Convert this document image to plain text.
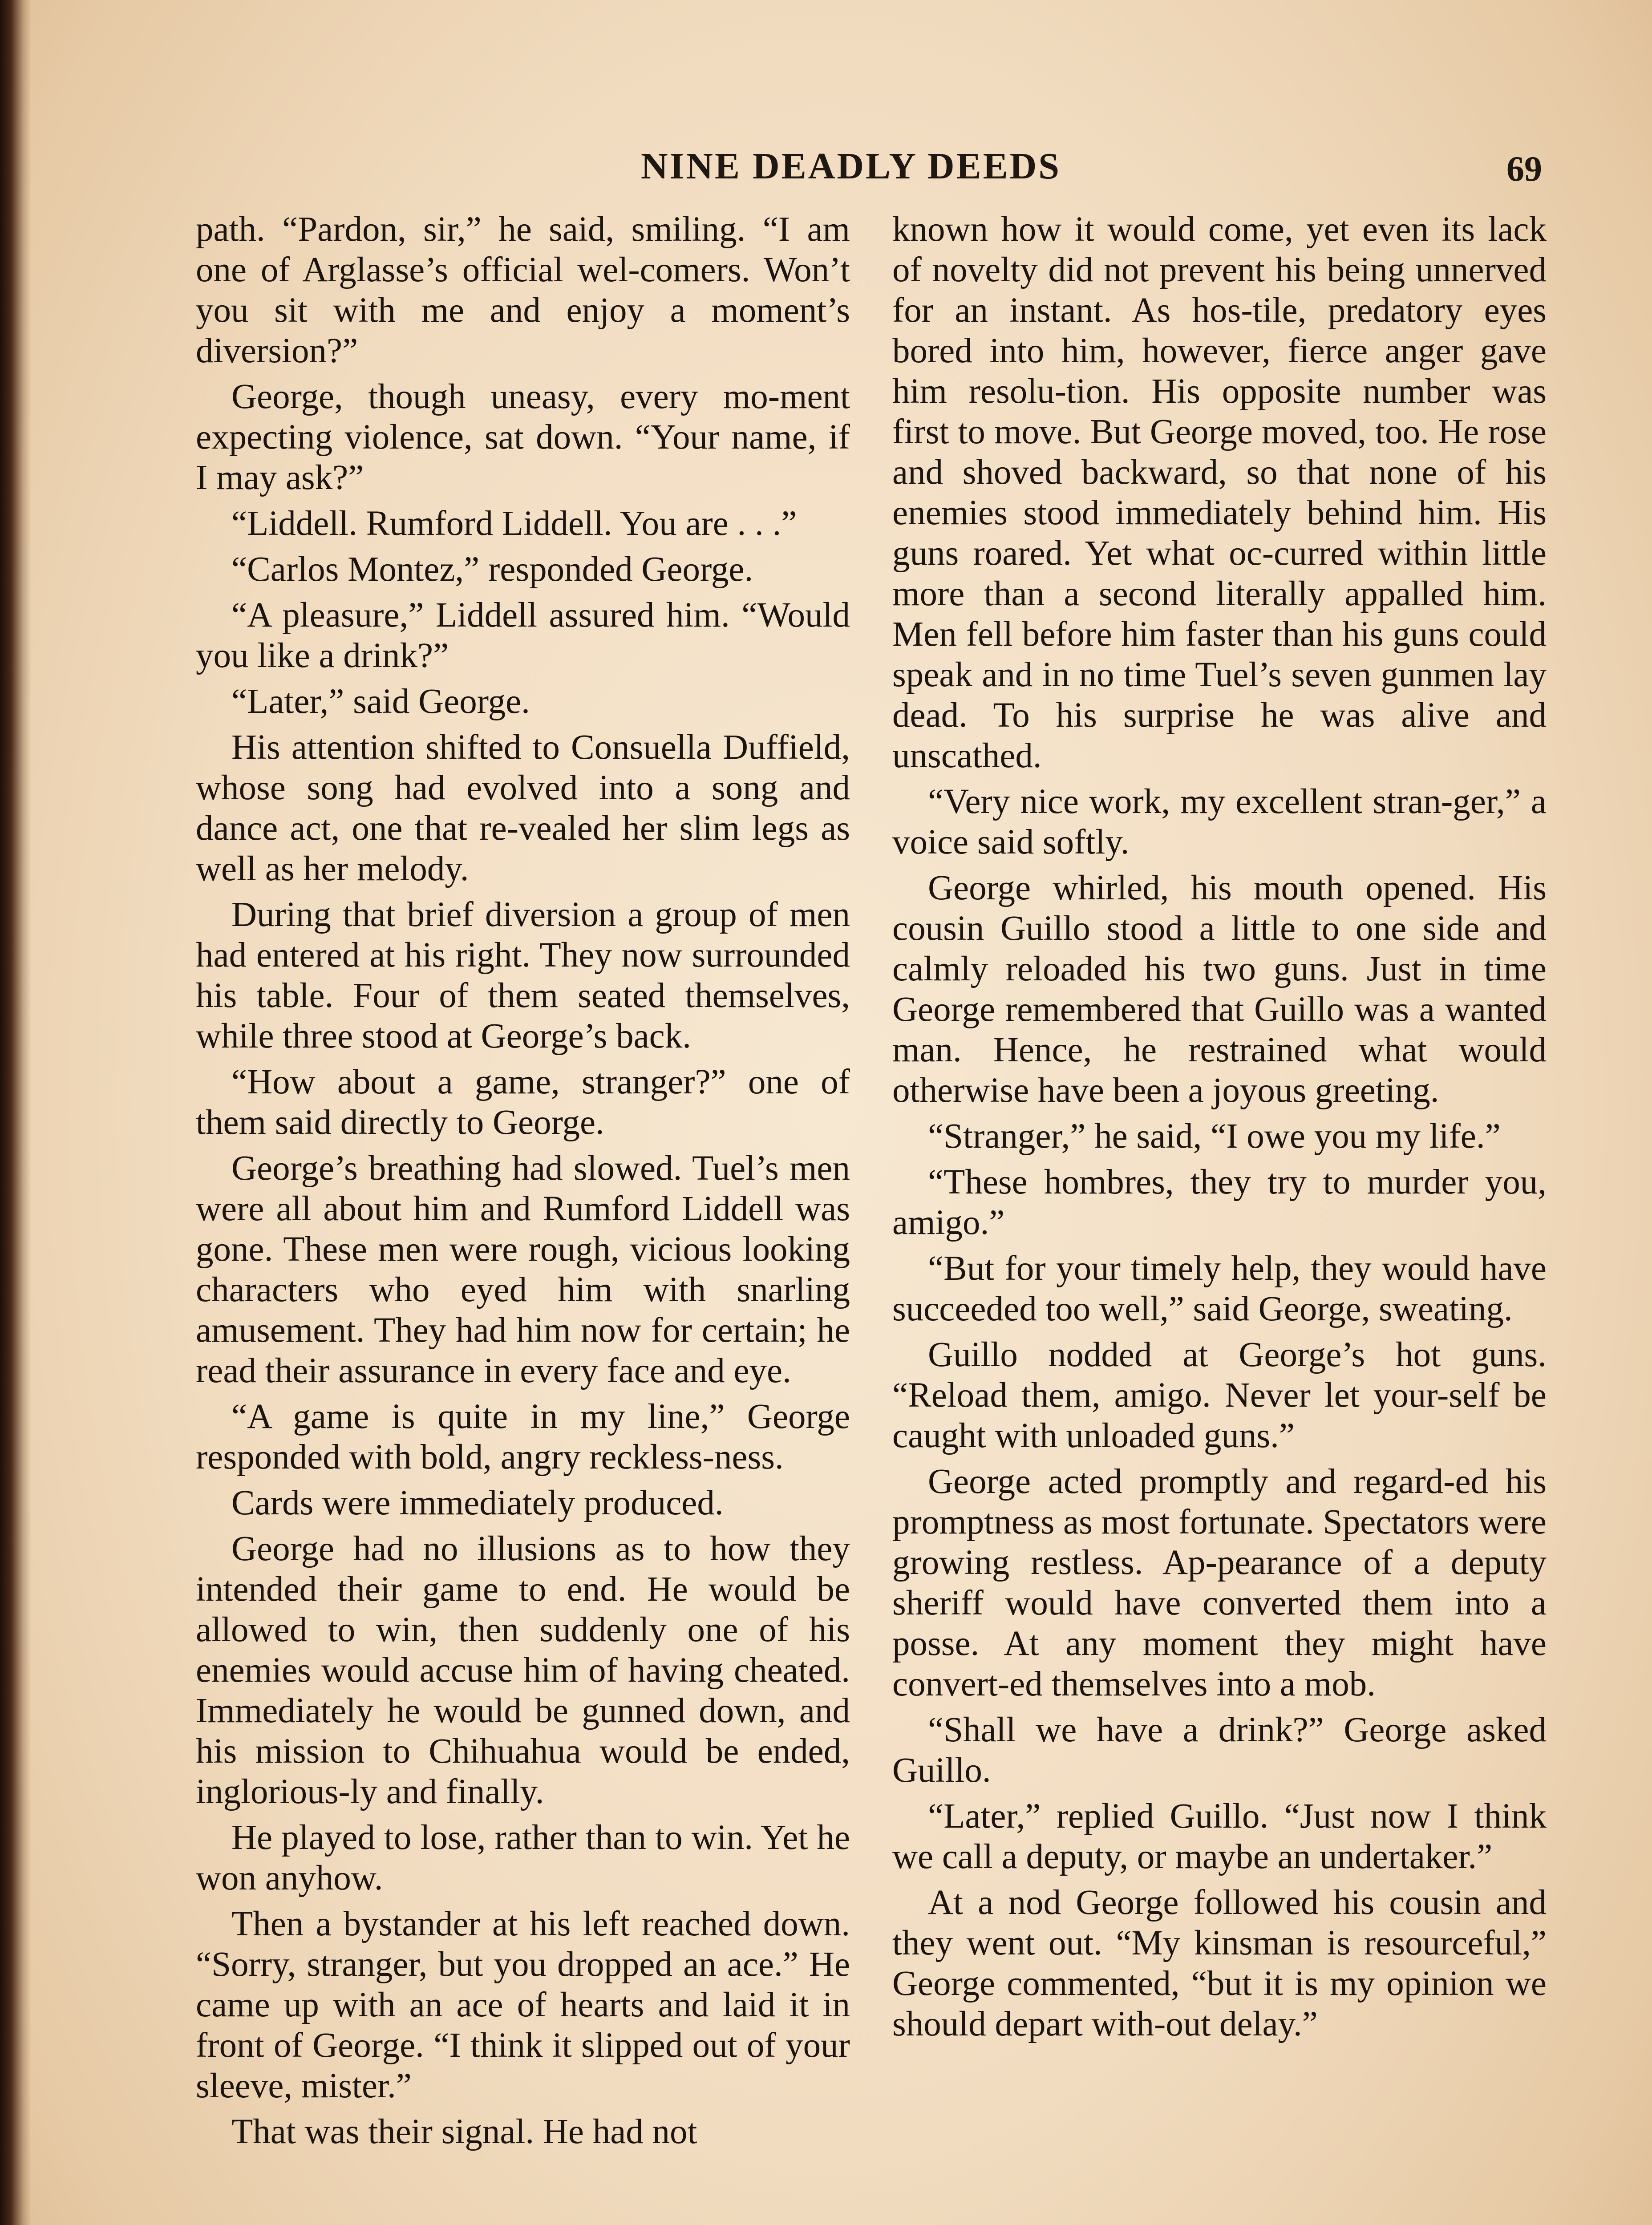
NINE DEADLY DEEDS	69

path. “Pardon, sir,” he said, smiling. “I am one of Arglasse’s official wel-comers. Won’t you sit with me and enjoy a moment’s diversion?”

George, though uneasy, every mo-ment expecting violence, sat down. “Your name, if I may ask?”

“Liddell. Rumford Liddell. You are . . .”

“Carlos Montez,” responded George.

“A pleasure,” Liddell assured him. “Would you like a drink?”

“Later,” said George.

His attention shifted to Consuella Duffield, whose song had evolved into a song and dance act, one that re-vealed her slim legs as well as her melody.

During that brief diversion a group of men had entered at his right. They now surrounded his table. Four of them seated themselves, while three stood at George’s back.

“How about a game, stranger?” one of them said directly to George.

George’s breathing had slowed. Tuel’s men were all about him and Rumford Liddell was gone. These men were rough, vicious looking characters who eyed him with snarling amusement. They had him now for certain; he read their assurance in every face and eye.

“A game is quite in my line,” George responded with bold, angry reckless-ness.

Cards were immediately produced.

George had no illusions as to how they intended their game to end. He would be allowed to win, then suddenly one of his enemies would accuse him of having cheated. Immediately he would be gunned down, and his mission to Chihuahua would be ended, inglorious-ly and finally.

He played to lose, rather than to win. Yet he won anyhow.

Then a bystander at his left reached down. “Sorry, stranger, but you dropped an ace.” He came up with an ace of hearts and laid it in front of George. “I think it slipped out of your sleeve, mister.”

That was their signal. He had not

known how it would come, yet even its lack of novelty did not prevent his being unnerved for an instant. As hos-tile, predatory eyes bored into him, however, fierce anger gave him resolu-tion. His opposite number was first to move. But George moved, too. He rose and shoved backward, so that none of his enemies stood immediately behind him. His guns roared. Yet what oc-curred within little more than a second literally appalled him. Men fell before him faster than his guns could speak and in no time Tuel’s seven gunmen lay dead. To his surprise he was alive and unscathed.

“Very nice work, my excellent stran-ger,” a voice said softly.

George whirled, his mouth opened. His cousin Guillo stood a little to one side and calmly reloaded his two guns. Just in time George remembered that Guillo was a wanted man. Hence, he restrained what would otherwise have been a joyous greeting.

“Stranger,” he said, “I owe you my life.”

“These hombres, they try to murder you, amigo.”

“But for your timely help, they would have succeeded too well,” said George, sweating.

Guillo nodded at George’s hot guns. “Reload them, amigo. Never let your-self be caught with unloaded guns.”

George acted promptly and regard-ed his promptness as most fortunate. Spectators were growing restless. Ap-pearance of a deputy sheriff would have converted them into a posse. At any moment they might have convert-ed themselves into a mob.

“Shall we have a drink?” George asked Guillo.

“Later,” replied Guillo. “Just now I think we call a deputy, or maybe an undertaker.”

At a nod George followed his cousin and they went out. “My kinsman is resourceful,” George commented, “but it is my opinion we should depart with-out delay.”
